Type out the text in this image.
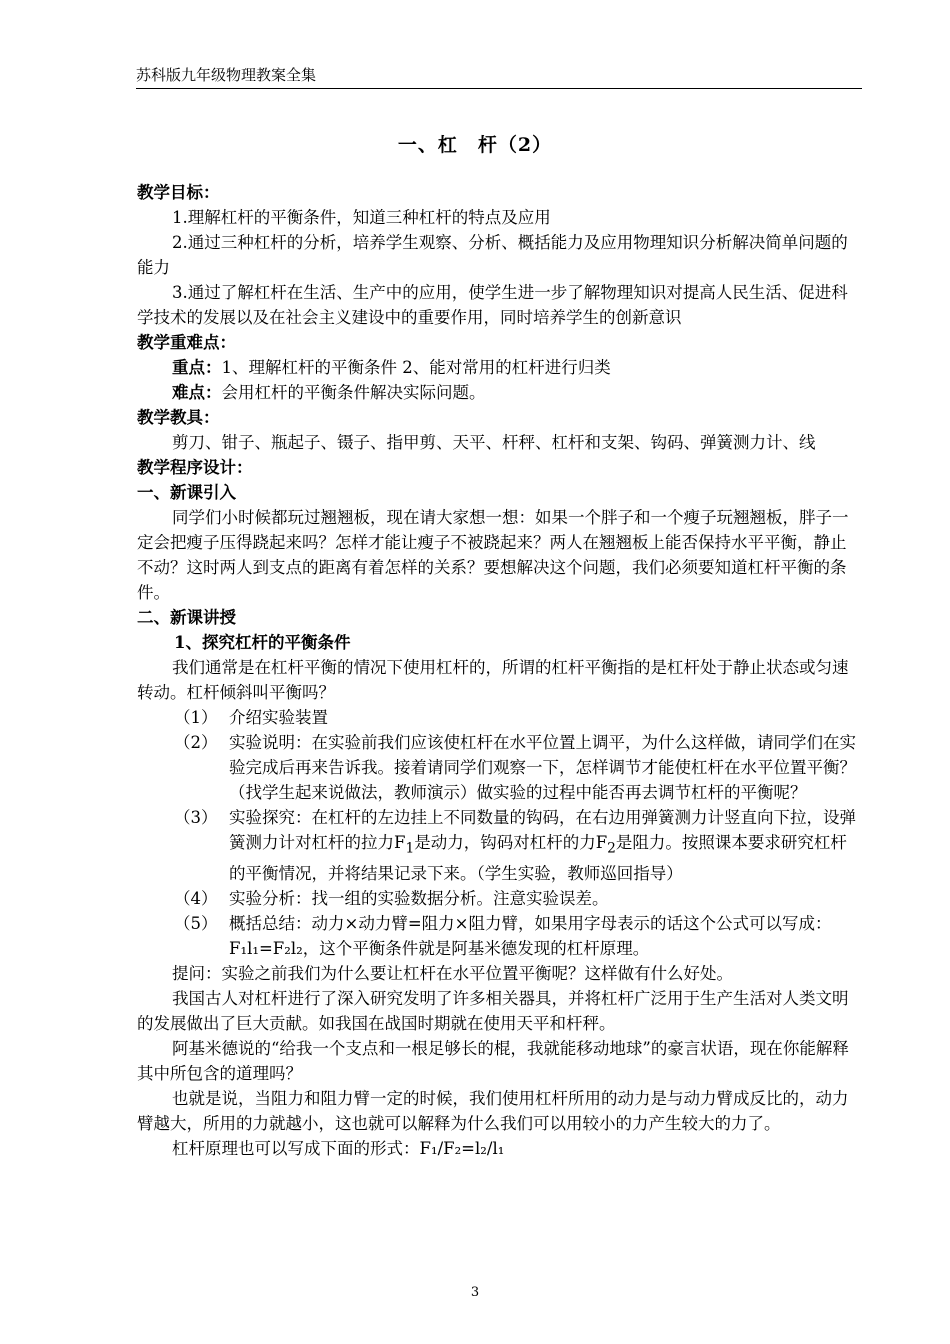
苏科版九年级物理教案全集
一、杠　杆（2）

教学目标：

1.理解杠杆的平衡条件，知道三种杠杆的特点及应用

2.通过三种杠杆的分析，培养学生观察、分析、概括能力及应用物理知识分析解决简单问题的能力

3.通过了解杠杆在生活、生产中的应用，使学生进一步了解物理知识对提高人民生活、促进科学技术的发展以及在社会主义建设中的重要作用，同时培养学生的创新意识

教学重难点：

重点：1、理解杠杆的平衡条件 2、能对常用的杠杆进行归类

难点：会用杠杆的平衡条件解决实际问题。

教学教具：

剪刀、钳子、瓶起子、镊子、指甲剪、天平、杆秤、杠杆和支架、钩码、弹簧测力计、线

教学程序设计：

一、新课引入

同学们小时候都玩过翘翘板，现在请大家想一想：如果一个胖子和一个瘦子玩翘翘板，胖子一定会把瘦子压得跷起来吗？怎样才能让瘦子不被跷起来？两人在翘翘板上能否保持水平平衡，静止不动？这时两人到支点的距离有着怎样的关系？要想解决这个问题，我们必须要知道杠杆平衡的条件。

二、新课讲授

1、探究杠杆的平衡条件

我们通常是在杠杆平衡的情况下使用杠杆的，所谓的杠杆平衡指的是杠杆处于静止状态或匀速转动。杠杆倾斜叫平衡吗？

（1） 介绍实验装置
（2） 实验说明：在实验前我们应该使杠杆在水平位置上调平，为什么这样做，请同学们在实验完成后再来告诉我。接着请同学们观察一下，怎样调节才能使杠杆在水平位置平衡？（找学生起来说做法，教师演示）做实验的过程中能否再去调节杠杆的平衡呢？
（3） 实验探究：在杠杆的左边挂上不同数量的钩码，在右边用弹簧测力计竖直向下拉，设弹簧测力计对杠杆的拉力$F_1$是动力，钩码对杠杆的力$F_2$是阻力。按照课本要求研究杠杆的平衡情况，并将结果记录下来。（学生实验，教师巡回指导）
（4） 实验分析：找一组的实验数据分析。注意实验误差。
（5） 概括总结：动力×动力臂=阻力×阻力臂，如果用字母表示的话这个公式可以写成：F₁l₁=F₂l₂，这个平衡条件就是阿基米德发现的杠杆原理。

提问：实验之前我们为什么要让杠杆在水平位置平衡呢？这样做有什么好处。

我国古人对杠杆进行了深入研究发明了许多相关器具，并将杠杆广泛用于生产生活对人类文明的发展做出了巨大贡献。如我国在战国时期就在使用天平和杆秤。

阿基米德说的“给我一个支点和一根足够长的棍，我就能移动地球”的豪言状语，现在你能解释其中所包含的道理吗？

也就是说，当阻力和阻力臂一定的时候，我们使用杠杆所用的动力是与动力臂成反比的，动力臂越大，所用的力就越小，这也就可以解释为什么我们可以用较小的力产生较大的力了。

杠杆原理也可以写成下面的形式：F₁/F₂=l₂/l₁

3
